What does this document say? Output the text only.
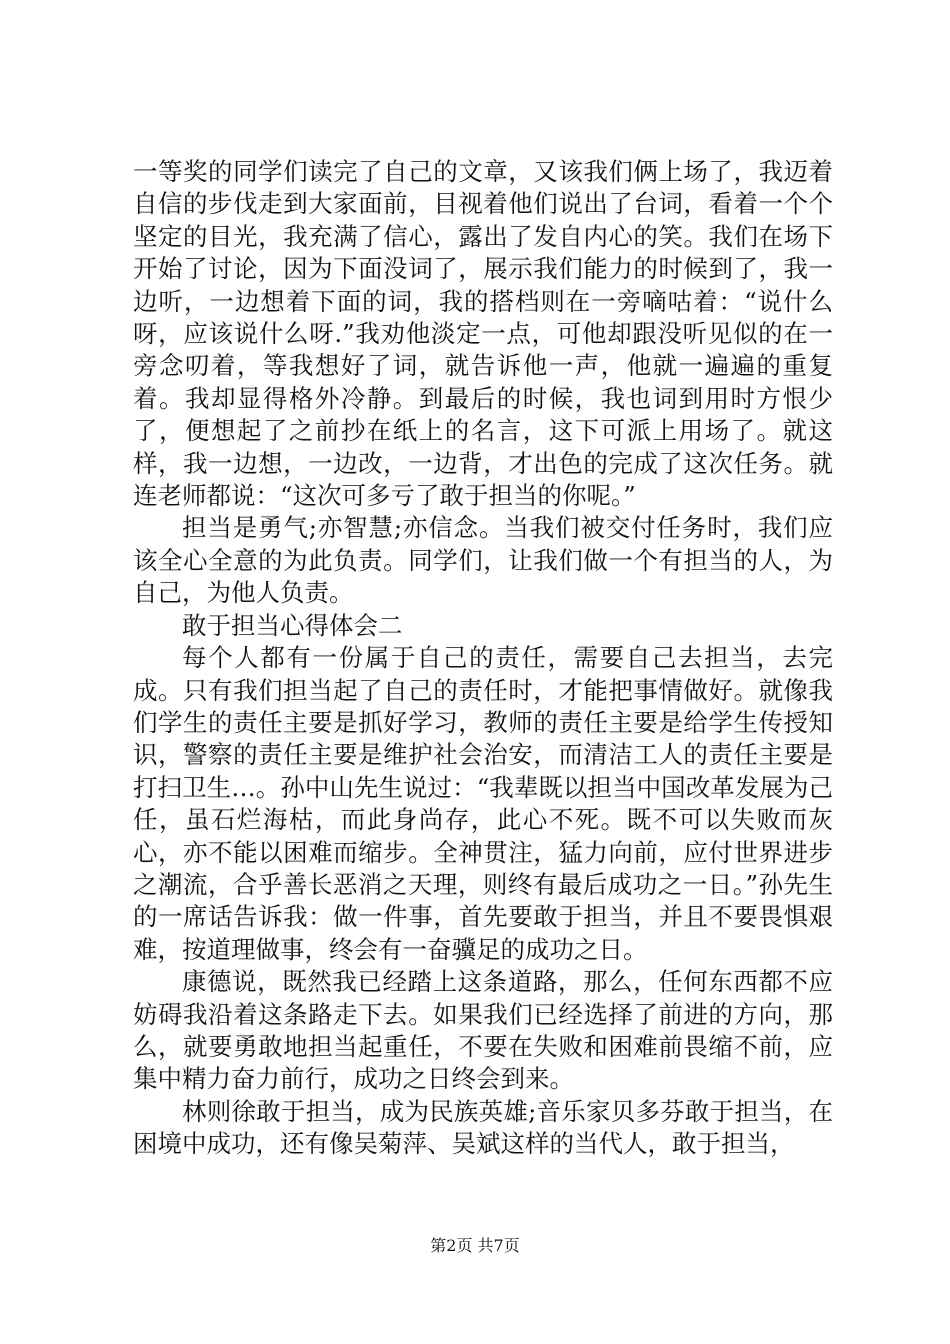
一等奖的同学们读完了自己的文章，又该我们俩上场了，我迈着自信的步伐走到大家面前，目视着他们说出了台词，看着一个个坚定的目光，我充满了信心，露出了发自内心的笑。我们在场下开始了讨论，因为下面没词了，展示我们能力的时候到了，我一边听，一边想着下面的词，我的搭档则在一旁嘀咕着：“说什么呀，应该说什么呀.”我劝他淡定一点，可他却跟没听见似的在一旁念叨着，等我想好了词，就告诉他一声，他就一遍遍的重复着。我却显得格外冷静。到最后的时候，我也词到用时方恨少了，便想起了之前抄在纸上的名言，这下可派上用场了。就这样，我一边想，一边改，一边背，才出色的完成了这次任务。就连老师都说：“这次可多亏了敢于担当的你呢。”

担当是勇气;亦智慧;亦信念。当我们被交付任务时，我们应该全心全意的为此负责。同学们，让我们做一个有担当的人，为自己，为他人负责。

敢于担当心得体会二

每个人都有一份属于自己的责任，需要自己去担当，去完成。只有我们担当起了自己的责任时，才能把事情做好。就像我们学生的责任主要是抓好学习，教师的责任主要是给学生传授知识，警察的责任主要是维护社会治安，而清洁工人的责任主要是打扫卫生…。孙中山先生说过：“我辈既以担当中国改革发展为己任，虽石烂海枯，而此身尚存，此心不死。既不可以失败而灰心，亦不能以困难而缩步。全神贯注，猛力向前，应付世界进步之潮流，合乎善长恶消之天理，则终有最后成功之一日。”孙先生的一席话告诉我：做一件事，首先要敢于担当，并且不要畏惧艰难，按道理做事，终会有一奋骥足的成功之日。

康德说，既然我已经踏上这条道路，那么，任何东西都不应妨碍我沿着这条路走下去。如果我们已经选择了前进的方向，那么，就要勇敢地担当起重任，不要在失败和困难前畏缩不前，应集中精力奋力前行，成功之日终会到来。

林则徐敢于担当，成为民族英雄;音乐家贝多芬敢于担当，在困境中成功，还有像吴菊萍、吴斌这样的当代人，敢于担当，

第2页 共7页
